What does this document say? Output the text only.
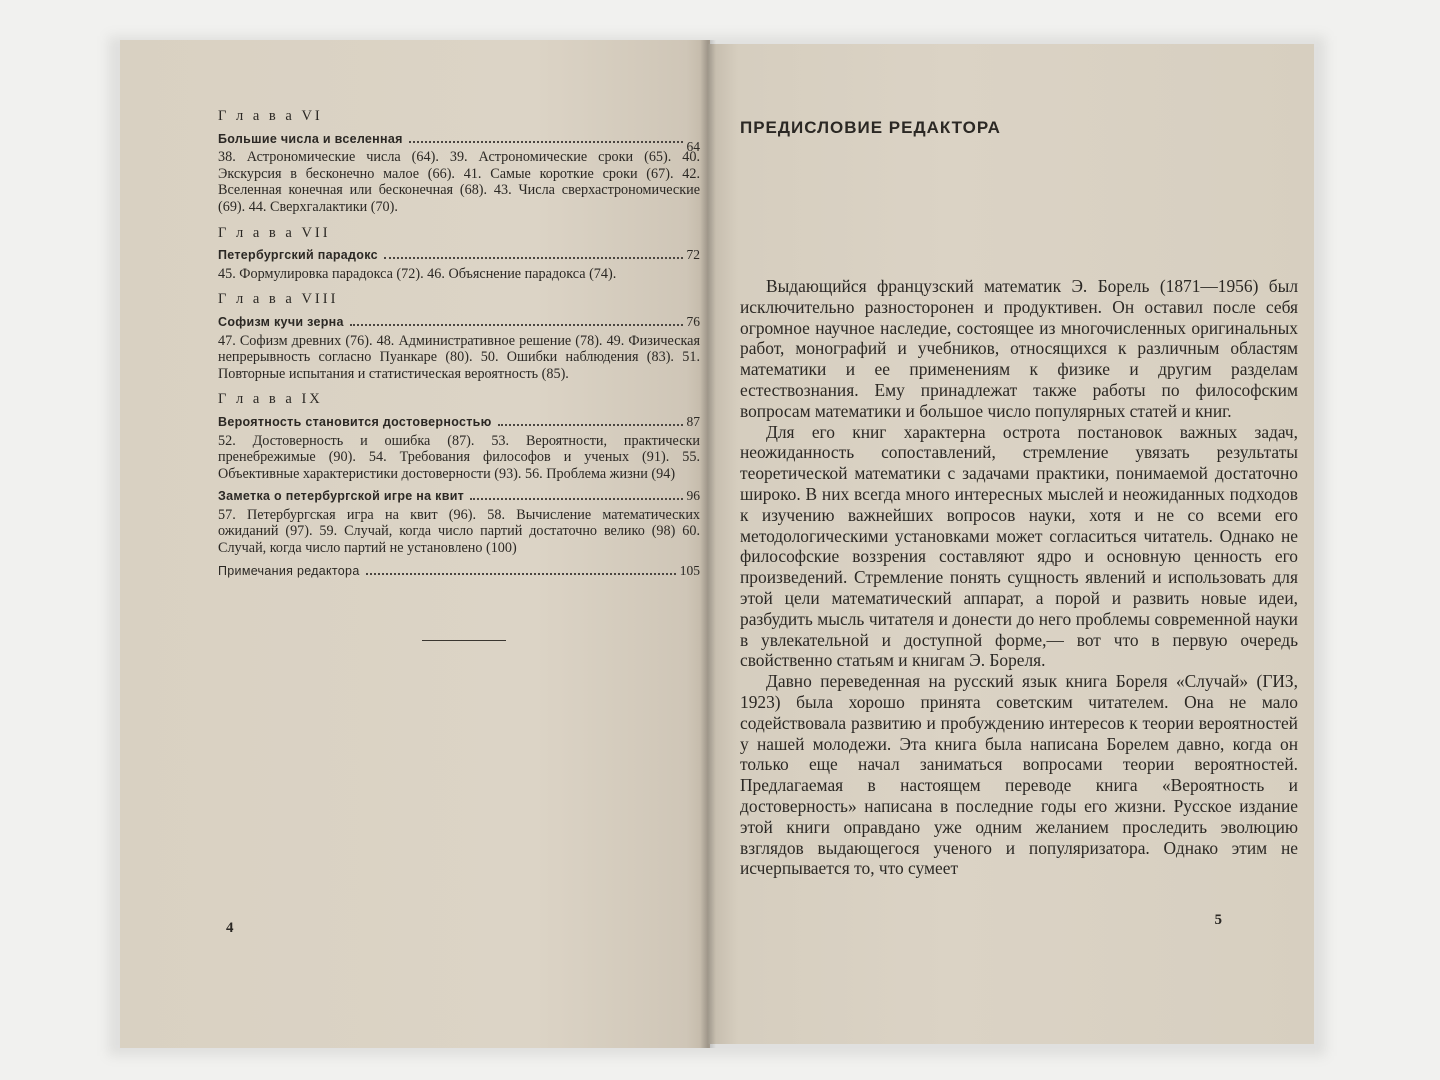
Г л а в а VI
Большие числа и вселенная	64
38. Астрономические числа (64). 39. Астрономические сроки (65). 40. Экскурсия в бесконечно малое (66). 41. Самые короткие сроки (67). 42. Вселенная конечная или бесконечная (68). 43. Числа сверхастрономические (69). 44. Сверхгалактики (70).
Г л а в а VII
Петербургский парадокс	72
45. Формулировка парадокса (72). 46. Объяснение парадокса (74).
Г л а в а VIII
Софизм кучи зерна	76
47. Софизм древних (76). 48. Административное решение (78). 49. Физическая непрерывность согласно Пуанкаре (80). 50. Ошибки наблюдения (83). 51. Повторные испытания и статистическая вероятность (85).
Г л а в а IX
Вероятность становится достоверностью	87
52. Достоверность и ошибка (87). 53. Вероятности, практически пренебрежимые (90). 54. Требования философов и ученых (91). 55. Объективные характеристики достоверности (93). 56. Проблема жизни (94)
Заметка о петербургской игре на квит	96
57. Петербургская игра на квит (96). 58. Вычисление математических ожиданий (97). 59. Случай, когда число партий достаточно велико (98) 60. Случай, когда число партий не установлено (100)
Примечания редактора	105
4
ПРЕДИСЛОВИЕ РЕДАКТОРА

Выдающийся французский математик Э. Борель (1871—1956) был исключительно разносторонен и продуктивен. Он оставил после себя огромное научное наследие, состоящее из многочисленных оригинальных работ, монографий и учебников, относящихся к различным областям математики и ее применениям к физике и другим разделам естествознания. Ему принадлежат также работы по философским вопросам математики и большое число популярных статей и книг.

Для его книг характерна острота постановок важных задач, неожиданность сопоставлений, стремление увязать результаты теоретической математики с задачами практики, понимаемой достаточно широко. В них всегда много интересных мыслей и неожиданных подходов к изучению важнейших вопросов науки, хотя и не со всеми его методологическими установками может согласиться читатель. Однако не философские воззрения составляют ядро и основную ценность его произведений. Стремление понять сущность явлений и использовать для этой цели математический аппарат, а порой и развить новые идеи, разбудить мысль читателя и донести до него проблемы современной науки в увлекательной и доступной форме,— вот что в первую очередь свойственно статьям и книгам Э. Бореля.

Давно переведенная на русский язык книга Бореля «Случай» (ГИЗ, 1923) была хорошо принята советским читателем. Она не мало содействовала развитию и пробуждению интересов к теории вероятностей у нашей молодежи. Эта книга была написана Борелем давно, когда он только еще начал заниматься вопросами теории вероятностей. Предлагаемая в настоящем переводе книга «Вероятность и достоверность» написана в последние годы его жизни. Русское издание этой книги оправдано уже одним желанием проследить эволюцию взглядов выдающегося ученого и популяризатора. Однако этим не исчерпывается то, что сумеет

5
